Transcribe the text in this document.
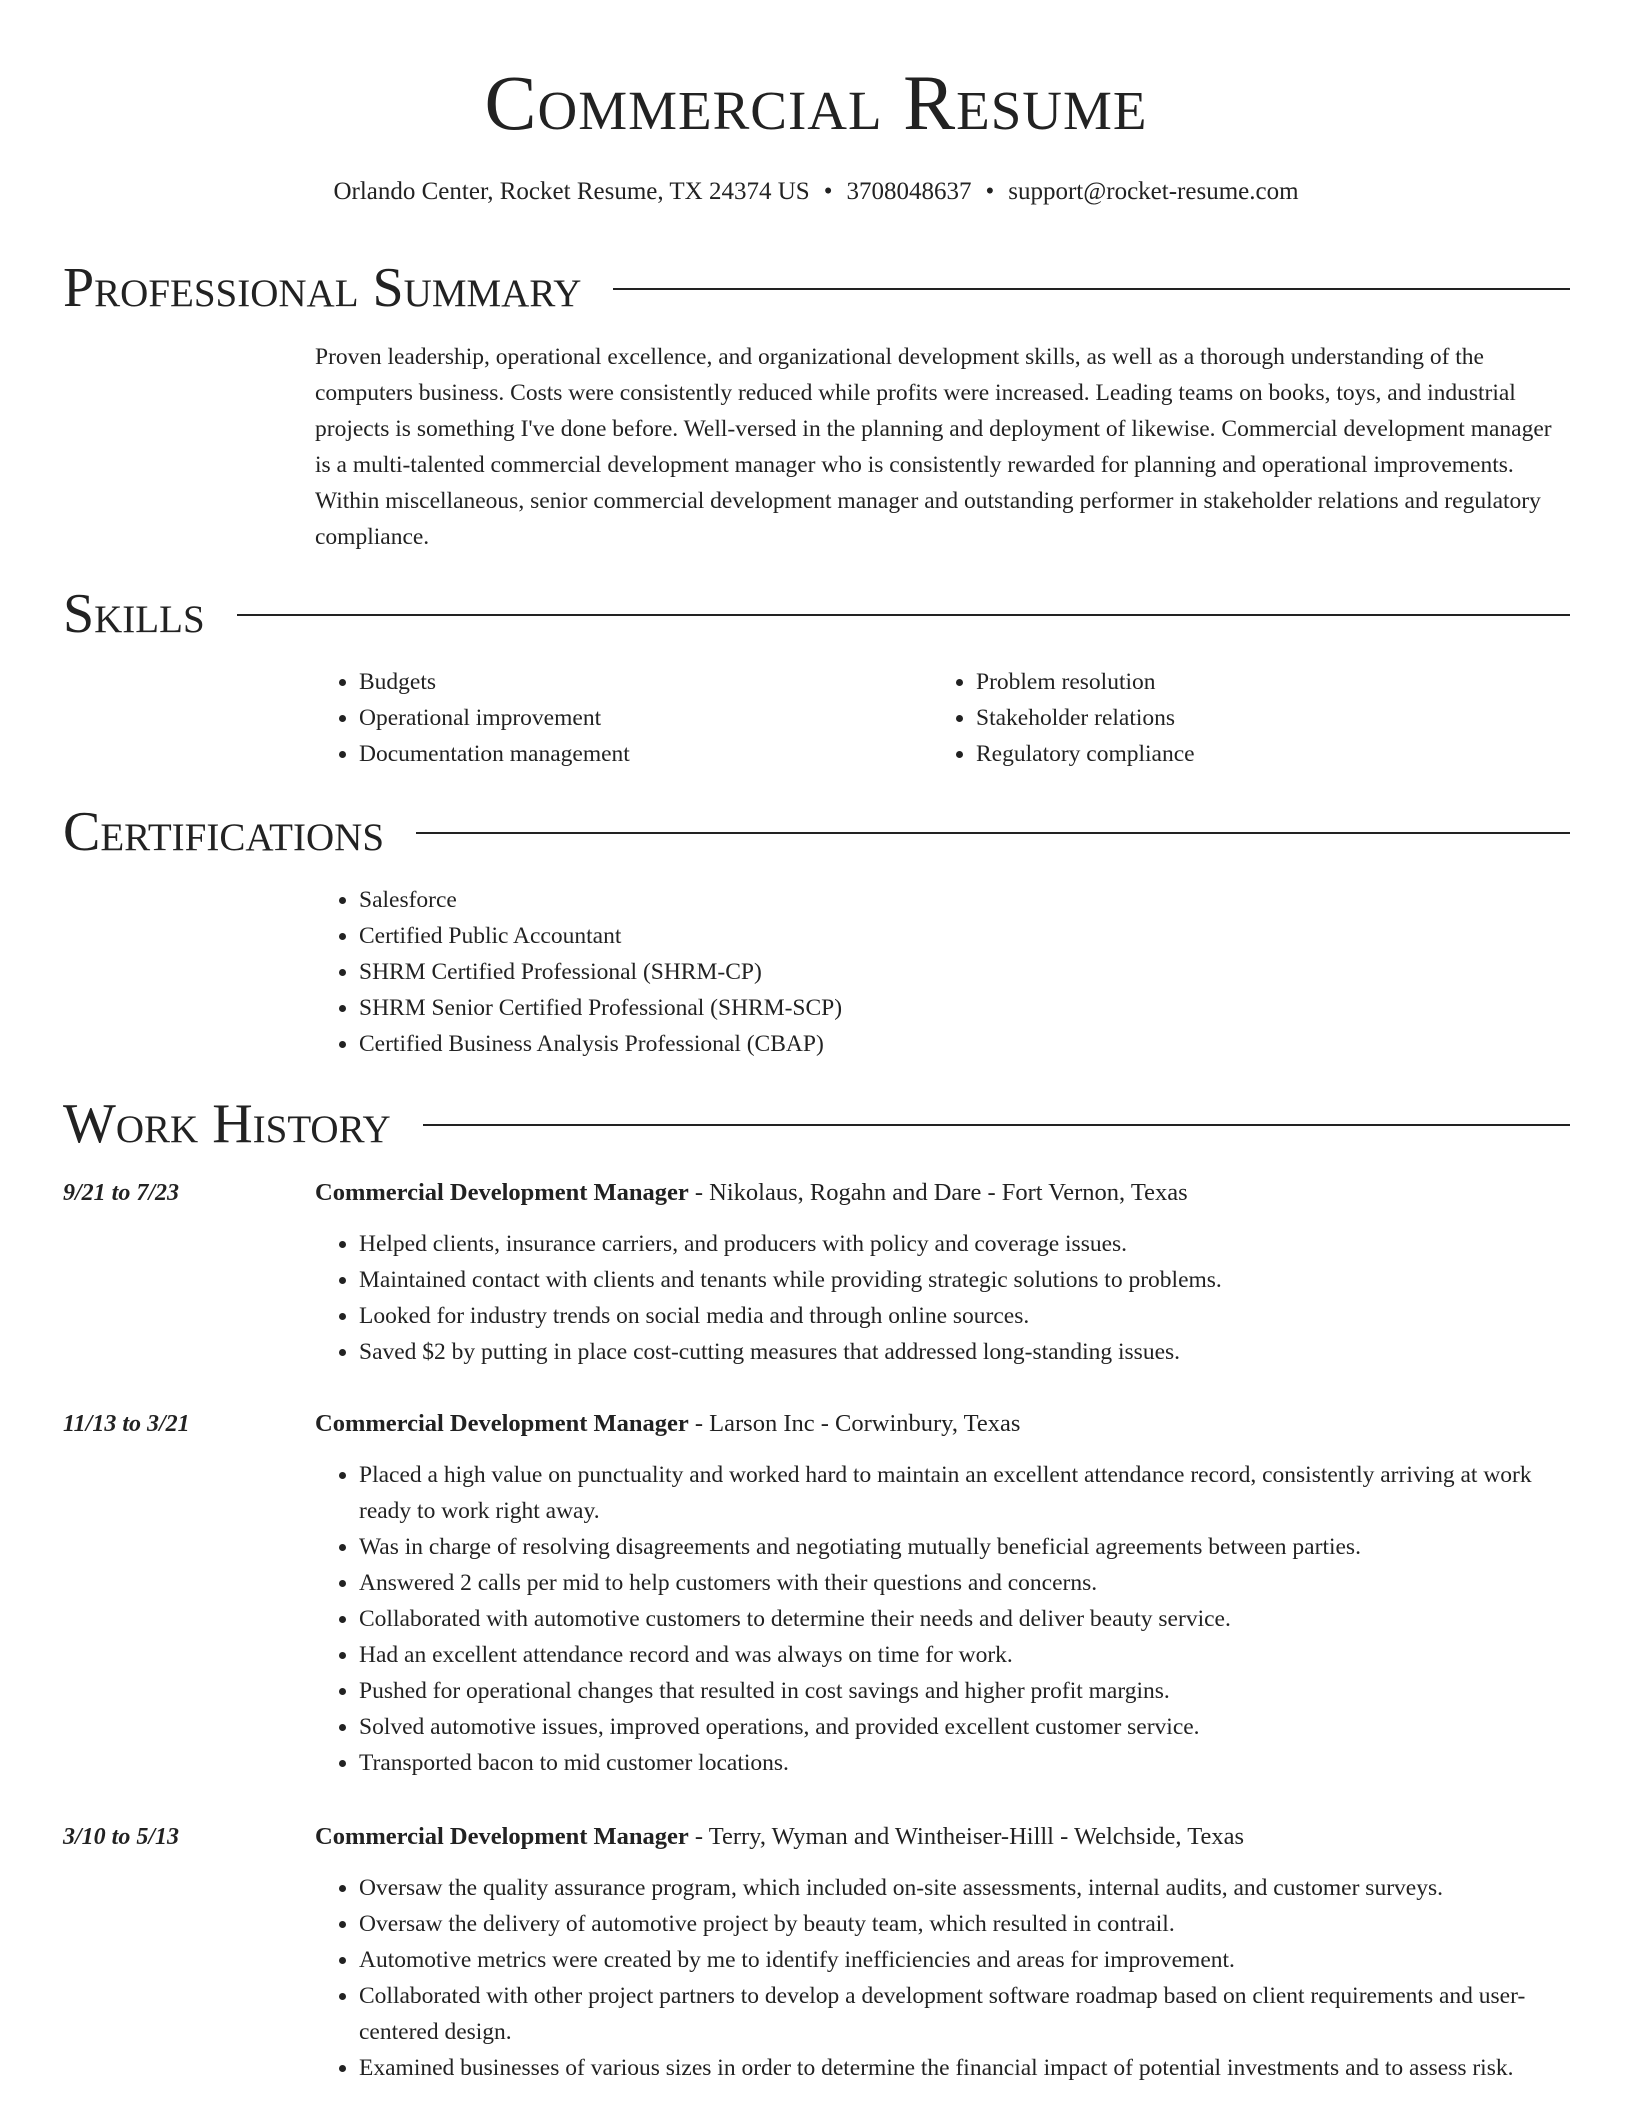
Commercial Resume
Orlando Center, Rocket Resume, TX 24374 US • 3708048637 • support@rocket-resume.com
Professional Summary

Proven leadership, operational excellence, and organizational development skills, as well as a thorough understanding of the computers business. Costs were consistently reduced while profits were increased. Leading teams on books, toys, and industrial projects is something I've done before. Well-versed in the planning and deployment of likewise. Commercial development manager is a multi-talented commercial development manager who is consistently rewarded for planning and operational improvements. Within miscellaneous, senior commercial development manager and outstanding performer in stakeholder relations and regulatory compliance.

Skills
• Budgets
• Operational improvement
• Documentation management
• Problem resolution
• Stakeholder relations
• Regulatory compliance
Certifications
• Salesforce
• Certified Public Accountant
• SHRM Certified Professional (SHRM-CP)
• SHRM Senior Certified Professional (SHRM-SCP)
• Certified Business Analysis Professional (CBAP)
Work History
9/21 to 7/23	Commercial Development Manager - Nikolaus, Rogahn and Dare - Fort Vernon, Texas
• Helped clients, insurance carriers, and producers with policy and coverage issues.
• Maintained contact with clients and tenants while providing strategic solutions to problems.
• Looked for industry trends on social media and through online sources.
• Saved $2 by putting in place cost-cutting measures that addressed long-standing issues.
11/13 to 3/21	Commercial Development Manager - Larson Inc - Corwinbury, Texas
• Placed a high value on punctuality and worked hard to maintain an excellent attendance record, consistently arriving at work ready to work right away.
• Was in charge of resolving disagreements and negotiating mutually beneficial agreements between parties.
• Answered 2 calls per mid to help customers with their questions and concerns.
• Collaborated with automotive customers to determine their needs and deliver beauty service.
• Had an excellent attendance record and was always on time for work.
• Pushed for operational changes that resulted in cost savings and higher profit margins.
• Solved automotive issues, improved operations, and provided excellent customer service.
• Transported bacon to mid customer locations.
3/10 to 5/13	Commercial Development Manager - Terry, Wyman and Wintheiser-Hilll - Welchside, Texas
• Oversaw the quality assurance program, which included on-site assessments, internal audits, and customer surveys.
• Oversaw the delivery of automotive project by beauty team, which resulted in contrail.
• Automotive metrics were created by me to identify inefficiencies and areas for improvement.
• Collaborated with other project partners to develop a development software roadmap based on client requirements and user-centered design.
• Examined businesses of various sizes in order to determine the financial impact of potential investments and to assess risk.
